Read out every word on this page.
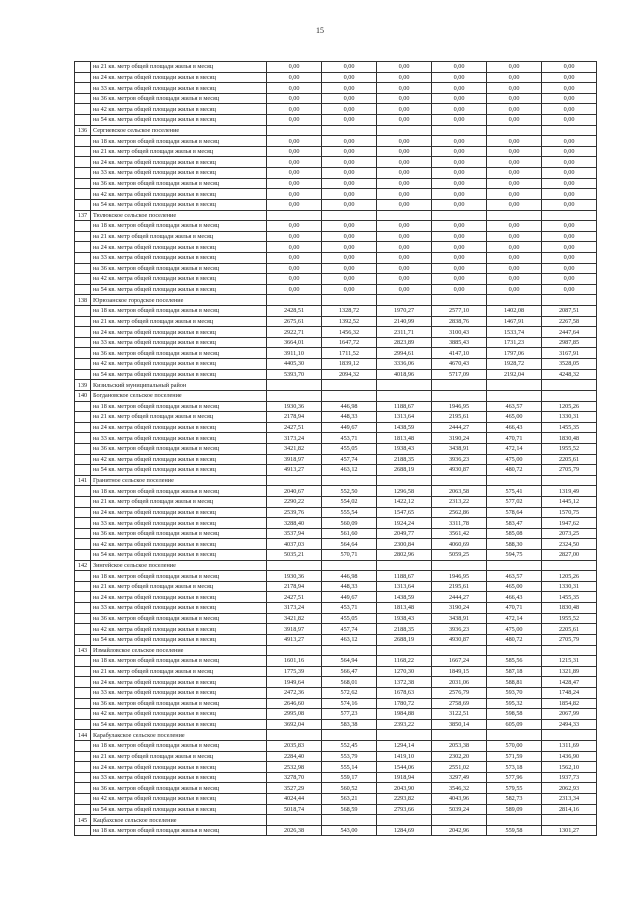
15
	на 21 кв. метр общей площади жилья в месяц	0,00	0,00	0,00	0,00	0,00	0,00
	на 24 кв. метра общей площади жилья в месяц	0,00	0,00	0,00	0,00	0,00	0,00
	на 33 кв. метра общей площади жилья в месяц	0,00	0,00	0,00	0,00	0,00	0,00
	на 36 кв. метров общей площади жилья в месяц	0,00	0,00	0,00	0,00	0,00	0,00
	на 42 кв. метра общей площади жилья в месяц	0,00	0,00	0,00	0,00	0,00	0,00
	на 54 кв. метра общей площади жилья в месяц	0,00	0,00	0,00	0,00	0,00	0,00
136	Сергиевское сельское поселение						
	на 18 кв. метров общей площади жилья в месяц	0,00	0,00	0,00	0,00	0,00	0,00
	на 21 кв. метр общей площади жилья в месяц	0,00	0,00	0,00	0,00	0,00	0,00
	на 24 кв. метра общей площади жилья в месяц	0,00	0,00	0,00	0,00	0,00	0,00
	на 33 кв. метра общей площади жилья в месяц	0,00	0,00	0,00	0,00	0,00	0,00
	на 36 кв. метров общей площади жилья в месяц	0,00	0,00	0,00	0,00	0,00	0,00
	на 42 кв. метра общей площади жилья в месяц	0,00	0,00	0,00	0,00	0,00	0,00
	на 54 кв. метра общей площади жилья в месяц	0,00	0,00	0,00	0,00	0,00	0,00
137	Тюлюкское сельское поселение						
	на 18 кв. метров общей площади жилья в месяц	0,00	0,00	0,00	0,00	0,00	0,00
	на 21 кв. метр общей площади жилья в месяц	0,00	0,00	0,00	0,00	0,00	0,00
	на 24 кв. метра общей площади жилья в месяц	0,00	0,00	0,00	0,00	0,00	0,00
	на 33 кв. метра общей площади жилья в месяц	0,00	0,00	0,00	0,00	0,00	0,00
	на 36 кв. метров общей площади жилья в месяц	0,00	0,00	0,00	0,00	0,00	0,00
	на 42 кв. метра общей площади жилья в месяц	0,00	0,00	0,00	0,00	0,00	0,00
	на 54 кв. метра общей площади жилья в месяц	0,00	0,00	0,00	0,00	0,00	0,00
138	Юрюзанское городское поселение						
	на 18 кв. метров общей площади жилья в месяц	2428,51	1328,72	1970,27	2577,10	1402,08	2087,51
	на 21 кв. метр общей площади жилья в месяц	2675,61	1392,52	2140,99	2838,76	1467,91	2267,58
	на 24 кв. метра общей площади жилья в месяц	2922,71	1456,32	2311,71	3100,43	1533,74	2447,64
	на 33 кв. метра общей площади жилья в месяц	3664,01	1647,72	2823,89	3885,43	1731,23	2987,85
	на 36 кв. метров общей площади жилья в месяц	3911,10	1711,52	2994,61	4147,10	1797,06	3167,91
	на 42 кв. метра общей площади жилья в месяц	4405,30	1839,12	3336,06	4670,43	1928,72	3528,05
	на 54 кв. метра общей площади жилья в месяц	5393,70	2094,32	4018,96	5717,09	2192,04	4248,32
139	Кизильский муниципальный район						
140	Богдановское сельское поселение						
	на 18 кв. метров общей площади жилья в месяц	1930,36	446,98	1188,67	1946,95	463,57	1205,26
	на 21 кв. метр общей площади жилья в месяц	2178,94	448,33	1313,64	2195,61	465,00	1330,31
	на 24 кв. метра общей площади жилья в месяц	2427,51	449,67	1438,59	2444,27	466,43	1455,35
	на 33 кв. метра общей площади жилья в месяц	3173,24	453,71	1813,48	3190,24	470,71	1830,48
	на 36 кв. метров общей площади жилья в месяц	3421,82	455,05	1938,43	3438,91	472,14	1955,52
	на 42 кв. метра общей площади жилья в месяц	3918,97	457,74	2188,35	3936,23	475,00	2205,61
	на 54 кв. метра общей площади жилья в месяц	4913,27	463,12	2688,19	4930,87	480,72	2705,79
141	Гранитное сельское поселение						
	на 18 кв. метров общей площади жилья в месяц	2040,67	552,50	1296,58	2063,58	575,41	1319,49
	на 21 кв. метр общей площади жилья в месяц	2290,22	554,02	1422,12	2313,22	577,02	1445,12
	на 24 кв. метра общей площади жилья в месяц	2539,76	555,54	1547,65	2562,86	578,64	1570,75
	на 33 кв. метра общей площади жилья в месяц	3288,40	560,09	1924,24	3311,78	583,47	1947,62
	на 36 кв. метров общей площади жилья в месяц	3537,94	561,60	2049,77	3561,42	585,08	2073,25
	на 42 кв. метра общей площади жилья в месяц	4037,03	564,64	2300,84	4060,69	588,30	2324,50
	на 54 кв. метра общей площади жилья в месяц	5035,21	570,71	2802,96	5059,25	594,75	2827,00
142	Зингейское сельское поселение						
	на 18 кв. метров общей площади жилья в месяц	1930,36	446,98	1188,67	1946,95	463,57	1205,26
	на 21 кв. метр общей площади жилья в месяц	2178,94	448,33	1313,64	2195,61	465,00	1330,31
	на 24 кв. метра общей площади жилья в месяц	2427,51	449,67	1438,59	2444,27	466,43	1455,35
	на 33 кв. метра общей площади жилья в месяц	3173,24	453,71	1813,48	3190,24	470,71	1830,48
	на 36 кв. метров общей площади жилья в месяц	3421,82	455,05	1938,43	3438,91	472,14	1955,52
	на 42 кв. метра общей площади жилья в месяц	3918,97	457,74	2188,35	3936,23	475,00	2205,61
	на 54 кв. метра общей площади жилья в месяц	4913,27	463,12	2688,19	4930,87	480,72	2705,79
143	Измайловское сельское поселение						
	на 18 кв. метров общей площади жилья в месяц	1601,16	564,94	1168,22	1667,24	585,56	1215,31
	на 21 кв. метр общей площади жилья в месяц	1775,39	566,47	1270,30	1849,15	587,18	1321,89
	на 24 кв. метра общей площади жилья в месяц	1949,64	568,01	1372,38	2031,06	588,81	1428,47
	на 33 кв. метра общей площади жилья в месяц	2472,36	572,62	1678,63	2576,79	593,70	1748,24
	на 36 кв. метров общей площади жилья в месяц	2646,60	574,16	1780,72	2758,69	595,32	1854,82
	на 42 кв. метра общей площади жилья в месяц	2995,08	577,23	1984,88	3122,51	598,58	2067,99
	на 54 кв. метра общей площади жилья в месяц	3692,04	583,38	2393,22	3850,14	605,09	2494,33
144	Карабулакское сельское поселение						
	на 18 кв. метров общей площади жилья в месяц	2035,83	552,45	1294,14	2053,38	570,00	1311,69
	на 21 кв. метр общей площади жилья в месяц	2284,40	553,79	1419,10	2302,20	571,59	1436,90
	на 24 кв. метра общей площади жилья в месяц	2532,98	555,14	1544,06	2551,02	573,18	1562,10
	на 33 кв. метра общей площади жилья в месяц	3278,70	559,17	1918,94	3297,49	577,96	1937,73
	на 36 кв. метров общей площади жилья в месяц	3527,29	560,52	2043,90	3546,32	579,55	2062,93
	на 42 кв. метра общей площади жилья в месяц	4024,44	563,21	2293,82	4043,96	582,73	2313,34
	на 54 кв. метра общей площади жилья в месяц	5018,74	568,59	2793,66	5039,24	589,09	2814,16
145	Кацбахское сельское поселение						
	на 18 кв. метров общей площади жилья в месяц	2026,38	543,00	1284,69	2042,96	559,58	1301,27
